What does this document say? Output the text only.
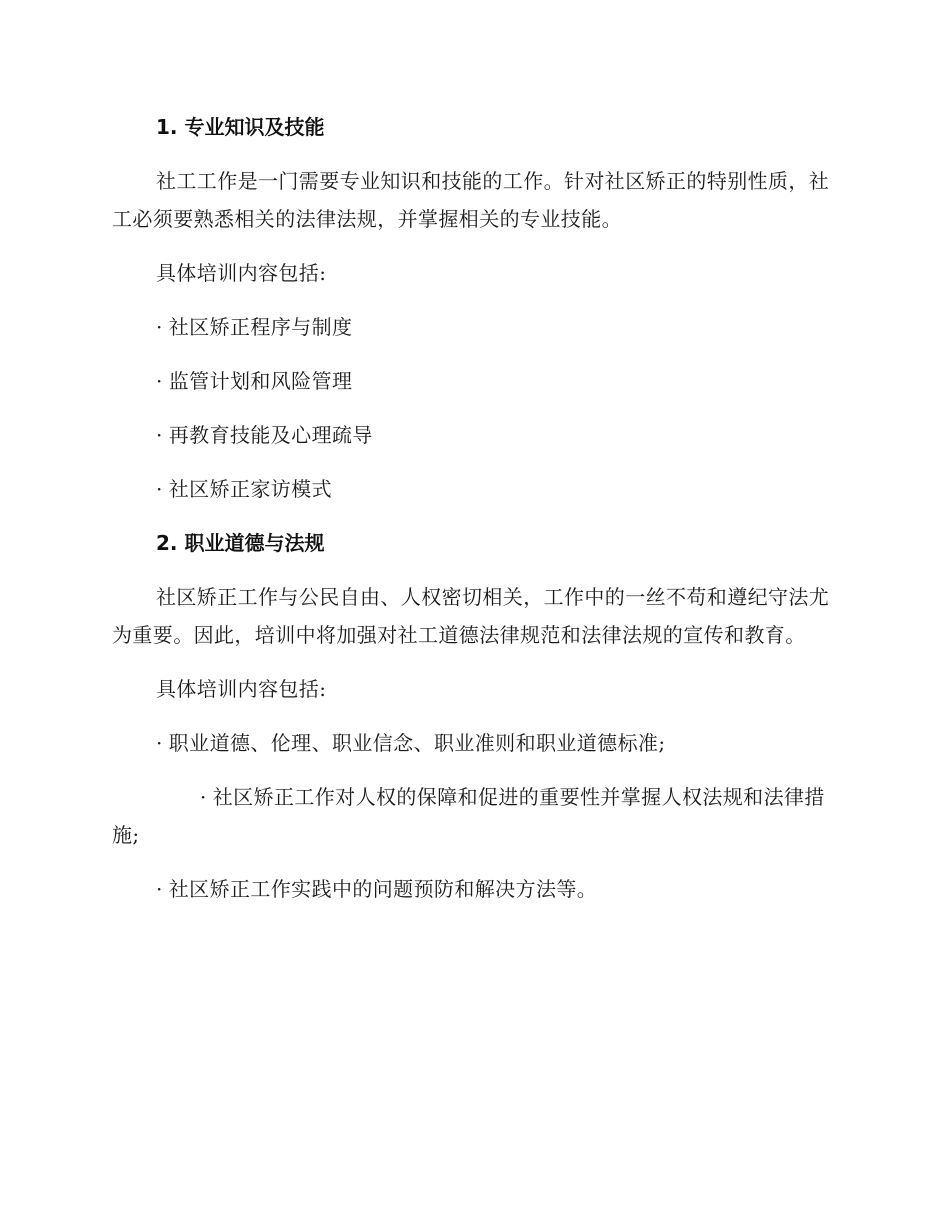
1. 专业知识及技能

社工工作是一门需要专业知识和技能的工作。针对社区矫正的特别性质，社工必须要熟悉相关的法律法规，并掌握相关的专业技能。

具体培训内容包括:

· 社区矫正程序与制度

· 监管计划和风险管理

· 再教育技能及心理疏导

· 社区矫正家访模式

2. 职业道德与法规

社区矫正工作与公民自由、人权密切相关，工作中的一丝不苟和遵纪守法尤为重要。因此，培训中将加强对社工道德法律规范和法律法规的宣传和教育。

具体培训内容包括:

· 职业道德、伦理、职业信念、职业准则和职业道德标准;

· 社区矫正工作对人权的保障和促进的重要性并掌握人权法规和法律措施;

· 社区矫正工作实践中的问题预防和解决方法等。
